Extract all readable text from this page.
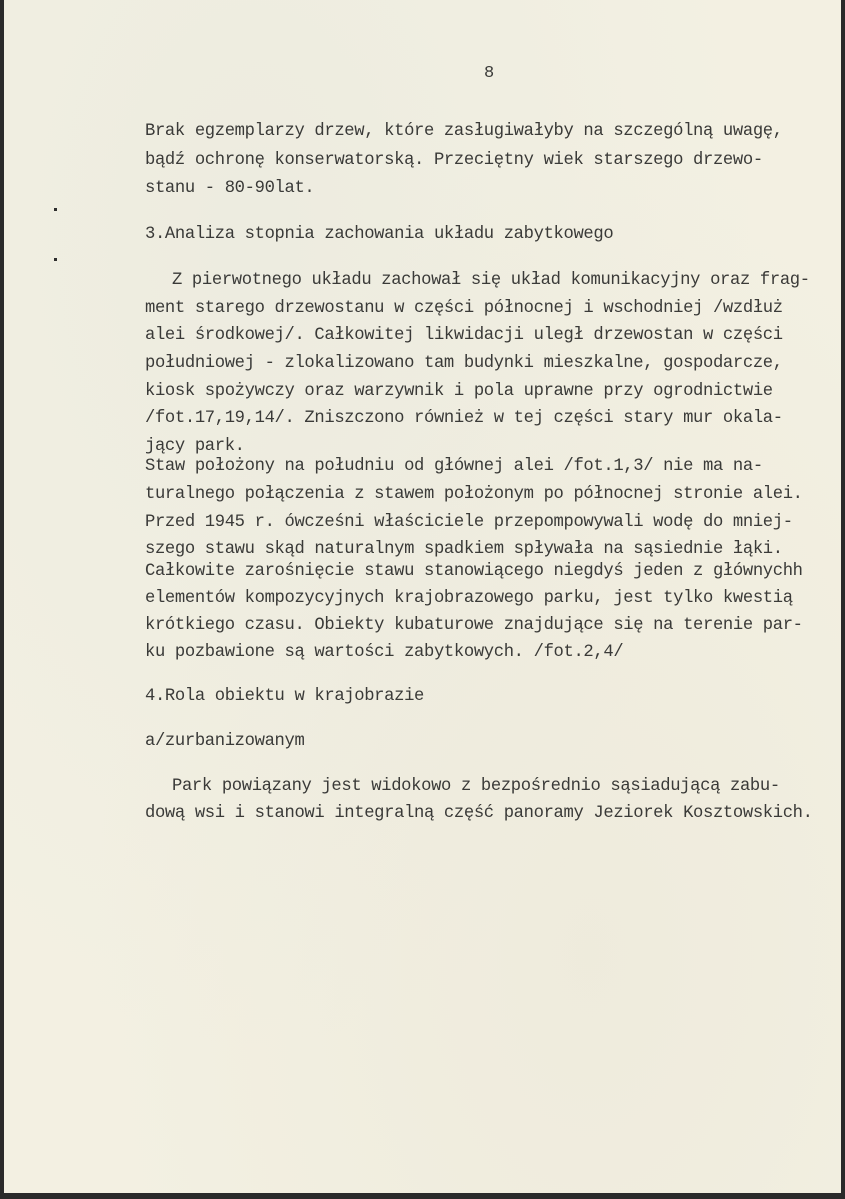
8
Brak egzemplarzy drzew, które zasługiwałyby na szczególną uwagę,
bądź ochronę konserwatorską. Przeciętny wiek starszego drzewo-
stanu - 80-90lat.
3.Analiza stopnia zachowania układu zabytkowego
Z pierwotnego układu zachował się układ komunikacyjny oraz frag-
ment starego drzewostanu w części północnej i wschodniej /wzdłuż
alei środkowej/. Całkowitej likwidacji uległ drzewostan w części
południowej - zlokalizowano tam budynki mieszkalne, gospodarcze,
kiosk spożywczy oraz warzywnik i pola uprawne przy ogrodnictwie
/fot.17,19,14/. Zniszczono również w tej części stary mur okala-
jący park.
Staw położony na południu od głównej alei /fot.1,3/ nie ma na-
turalnego połączenia z stawem położonym po północnej stronie alei.
Przed 1945 r. ówcześni właściciele przepompowywali wodę do mniej-
szego stawu skąd naturalnym spadkiem spływała na sąsiednie łąki.
Całkowite zarośnięcie stawu stanowiącego niegdyś jeden z głównychh
elementów kompozycyjnych krajobrazowego parku, jest tylko kwestią
krótkiego czasu. Obiekty kubaturowe znajdujące się na terenie par-
ku pozbawione są wartości zabytkowych. /fot.2,4/
4.Rola obiektu w krajobrazie
a/zurbanizowanym
Park powiązany jest widokowo z bezpośrednio sąsiadującą zabu-
dową wsi i stanowi integralną część panoramy Jeziorek Kosztowskich.
